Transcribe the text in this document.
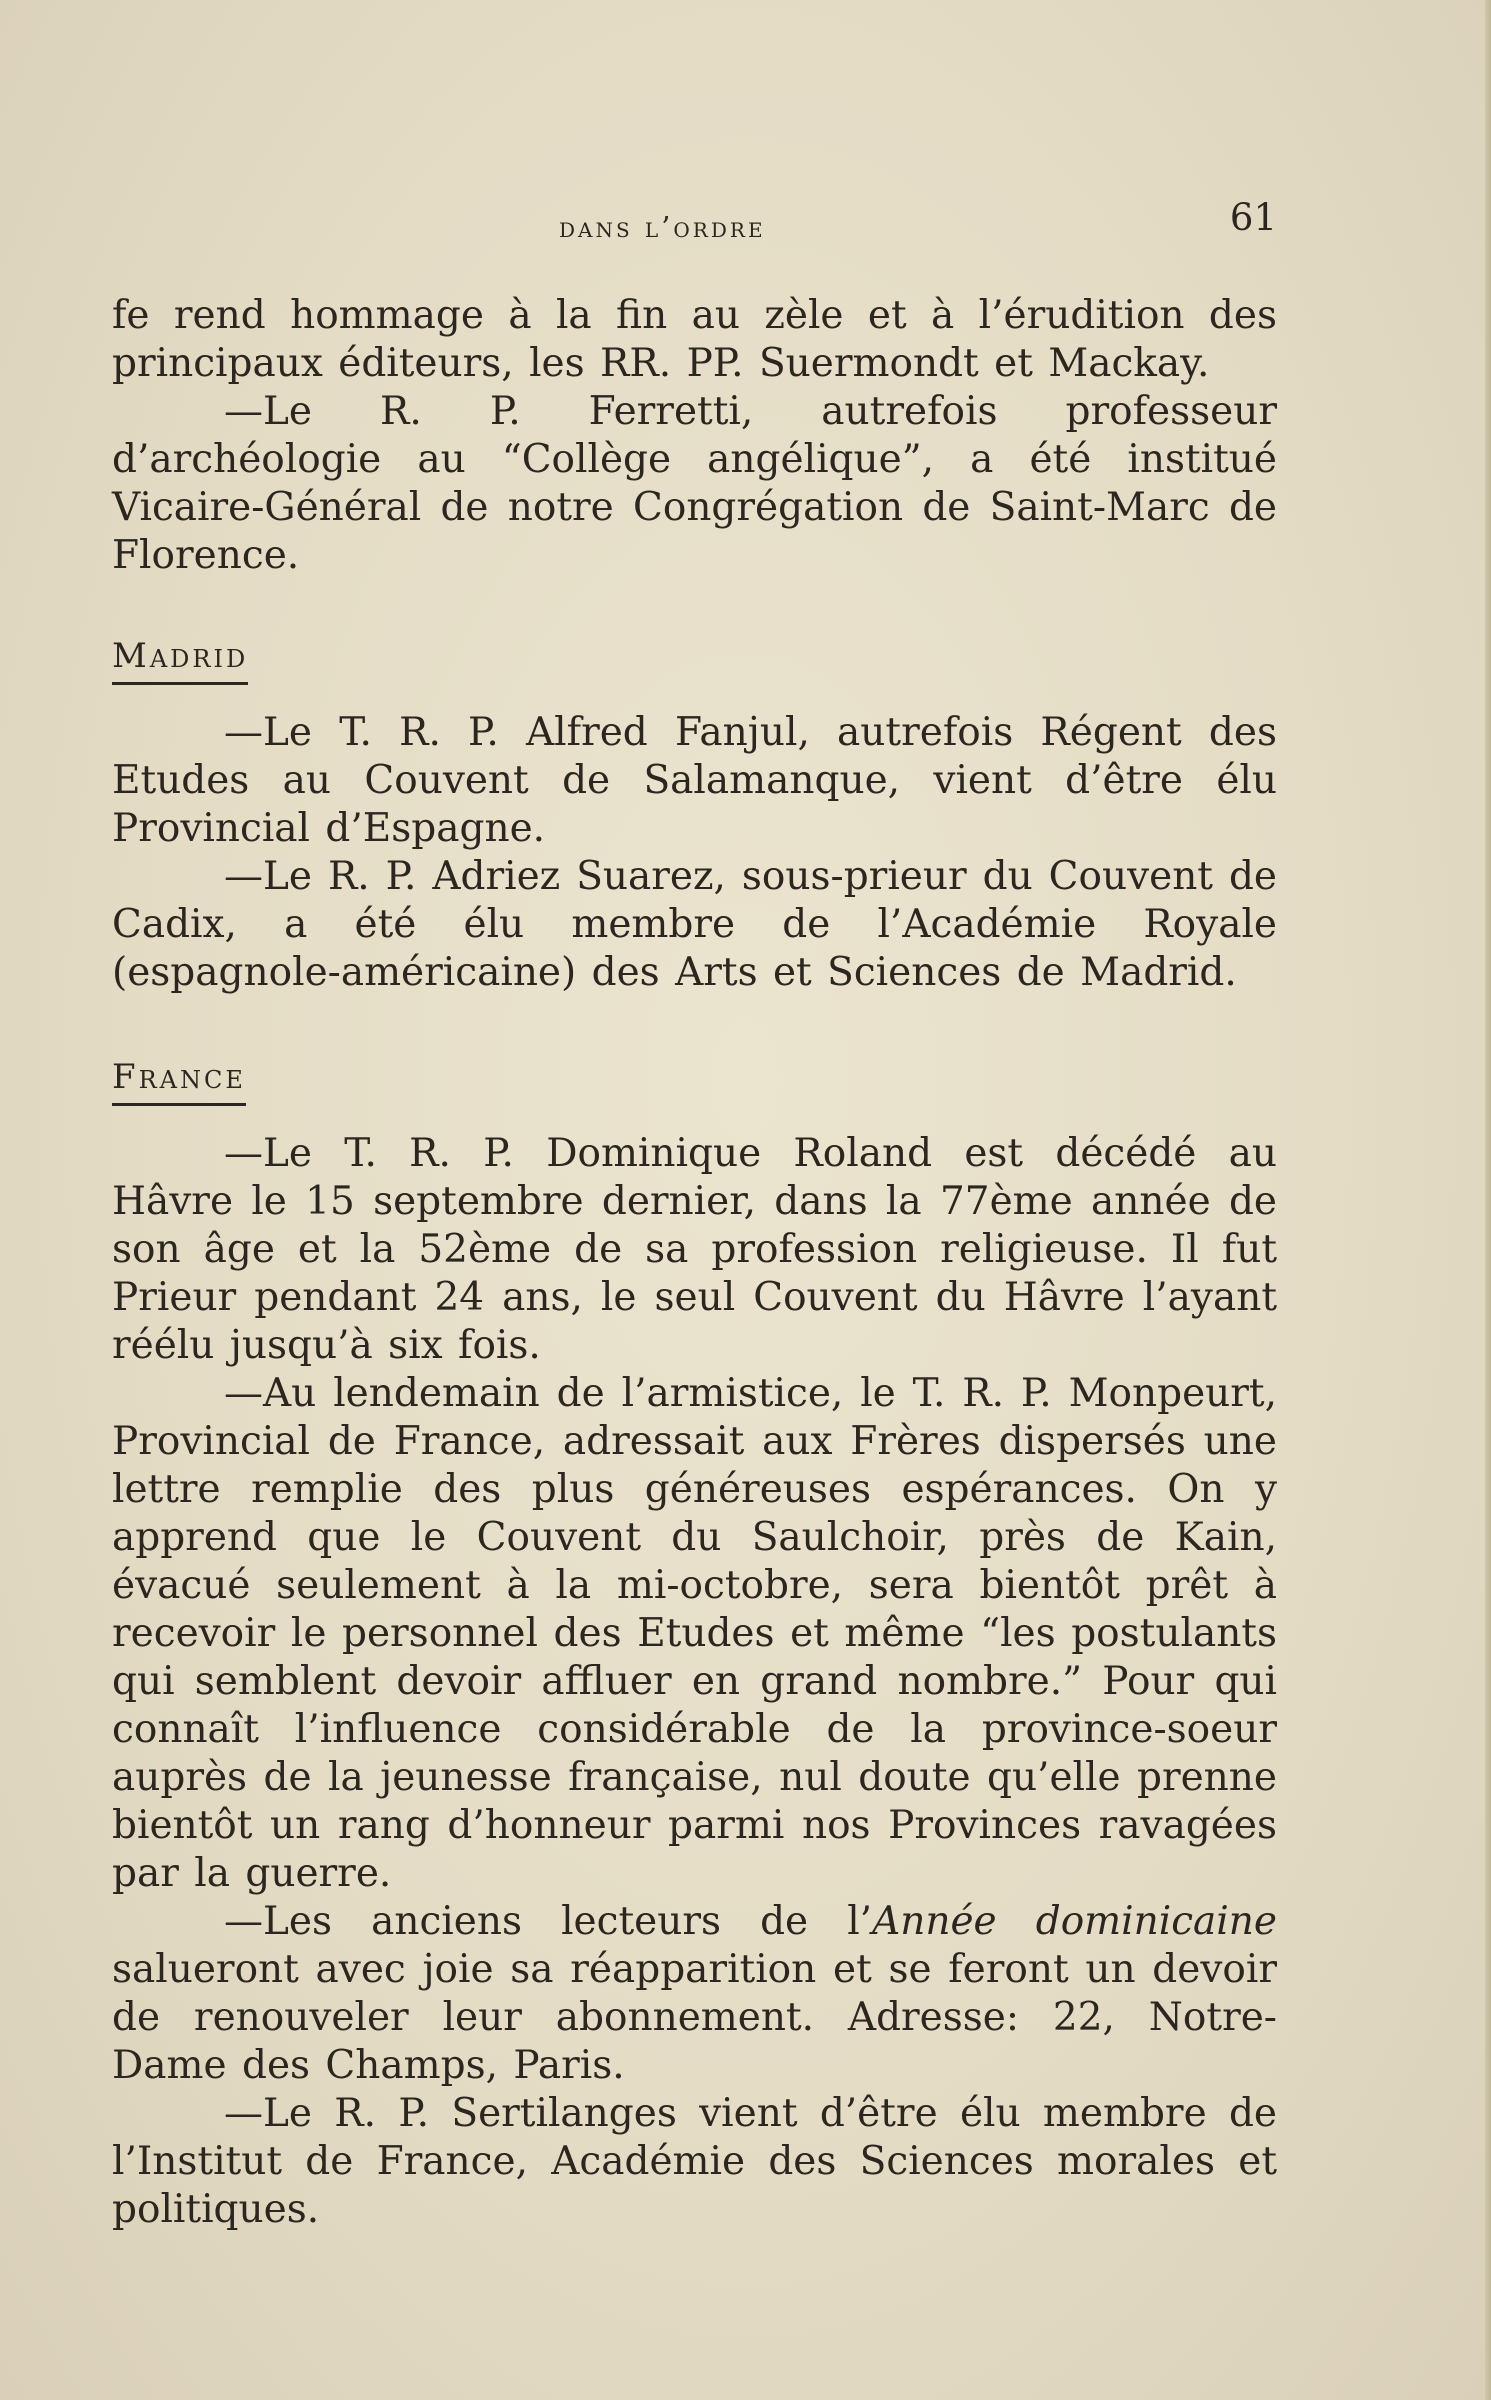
dans l’ordre	61

fe rend hommage à la fin au zèle et à l’érudition des principaux éditeurs, les RR. PP. Suermondt et Mackay.

—Le R. P. Ferretti, autrefois professeur d’archéologie au “Collège angélique”, a été institué Vicaire-Général de notre Congrégation de Saint-Marc de Florence.

Madrid

—Le T. R. P. Alfred Fanjul, autrefois Régent des Etudes au Couvent de Salamanque, vient d’être élu Provincial d’Espagne.

—Le R. P. Adriez Suarez, sous-prieur du Couvent de Cadix, a été élu membre de l’Académie Royale (espagnole-américaine) des Arts et Sciences de Madrid.

France

—Le T. R. P. Dominique Roland est décédé au Hâvre le 15 septembre dernier, dans la 77ème année de son âge et la 52ème de sa profession religieuse. Il fut Prieur pendant 24 ans, le seul Couvent du Hâvre l’ayant réélu jusqu’à six fois.

—Au lendemain de l’armistice, le T. R. P. Monpeurt, Provincial de France, adressait aux Frères dispersés une lettre remplie des plus généreuses espérances. On y apprend que le Couvent du Saulchoir, près de Kain, évacué seulement à la mi-octobre, sera bientôt prêt à recevoir le personnel des Etudes et même “les postulants qui semblent devoir affluer en grand nombre.” Pour qui connaît l’influence considérable de la province-soeur auprès de la jeunesse française, nul doute qu’elle prenne bientôt un rang d’honneur parmi nos Provinces ravagées par la guerre.

—Les anciens lecteurs de l’Année dominicaine salueront avec joie sa réapparition et se feront un devoir de renouveler leur abonnement. Adresse: 22, Notre-Dame des Champs, Paris.

—Le R. P. Sertilanges vient d’être élu membre de l’Institut de France, Académie des Sciences morales et politiques.
